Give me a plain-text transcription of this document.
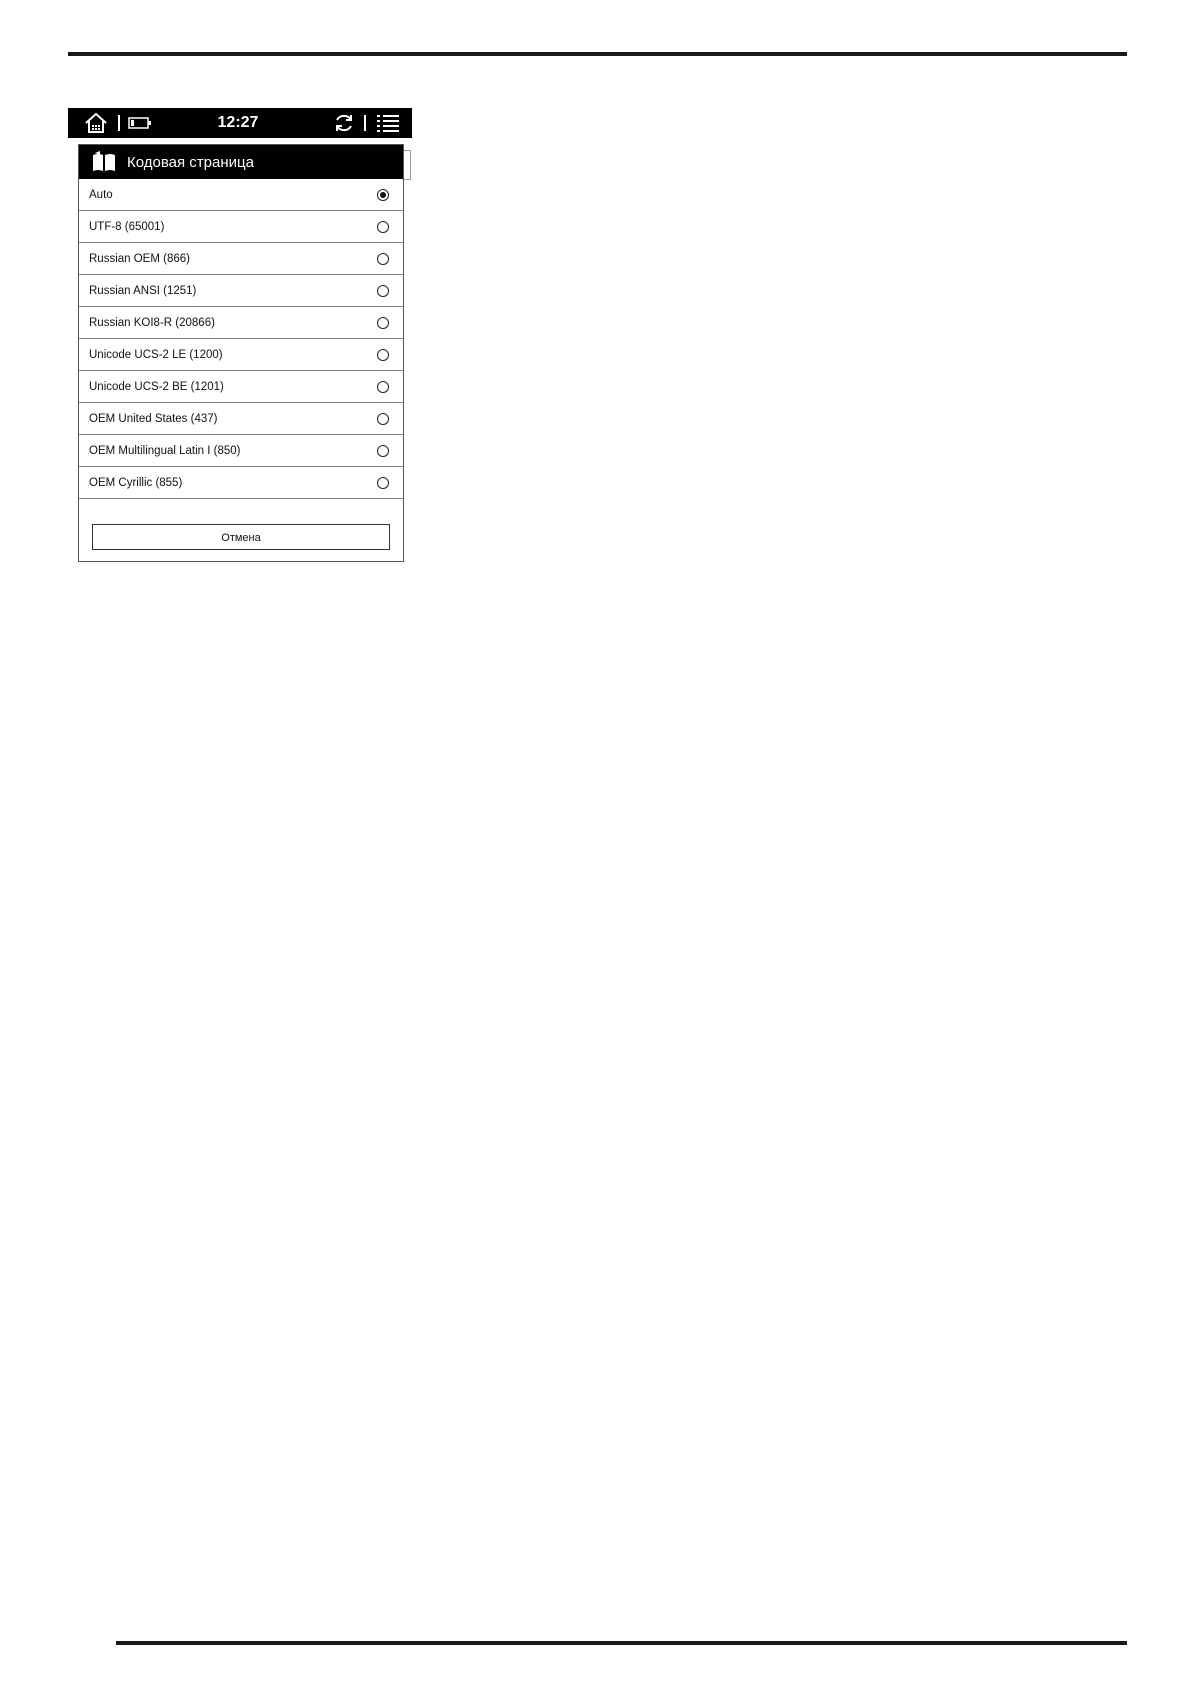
12:27
Кодовая страница
Auto
UTF-8 (65001)
Russian OEM (866)
Russian ANSI (1251)
Russian KOI8-R (20866)
Unicode UCS-2 LE (1200)
Unicode UCS-2 BE (1201)
OEM United States (437)
OEM Multilingual Latin I (850)
OEM Cyrillic (855)
Отмена
